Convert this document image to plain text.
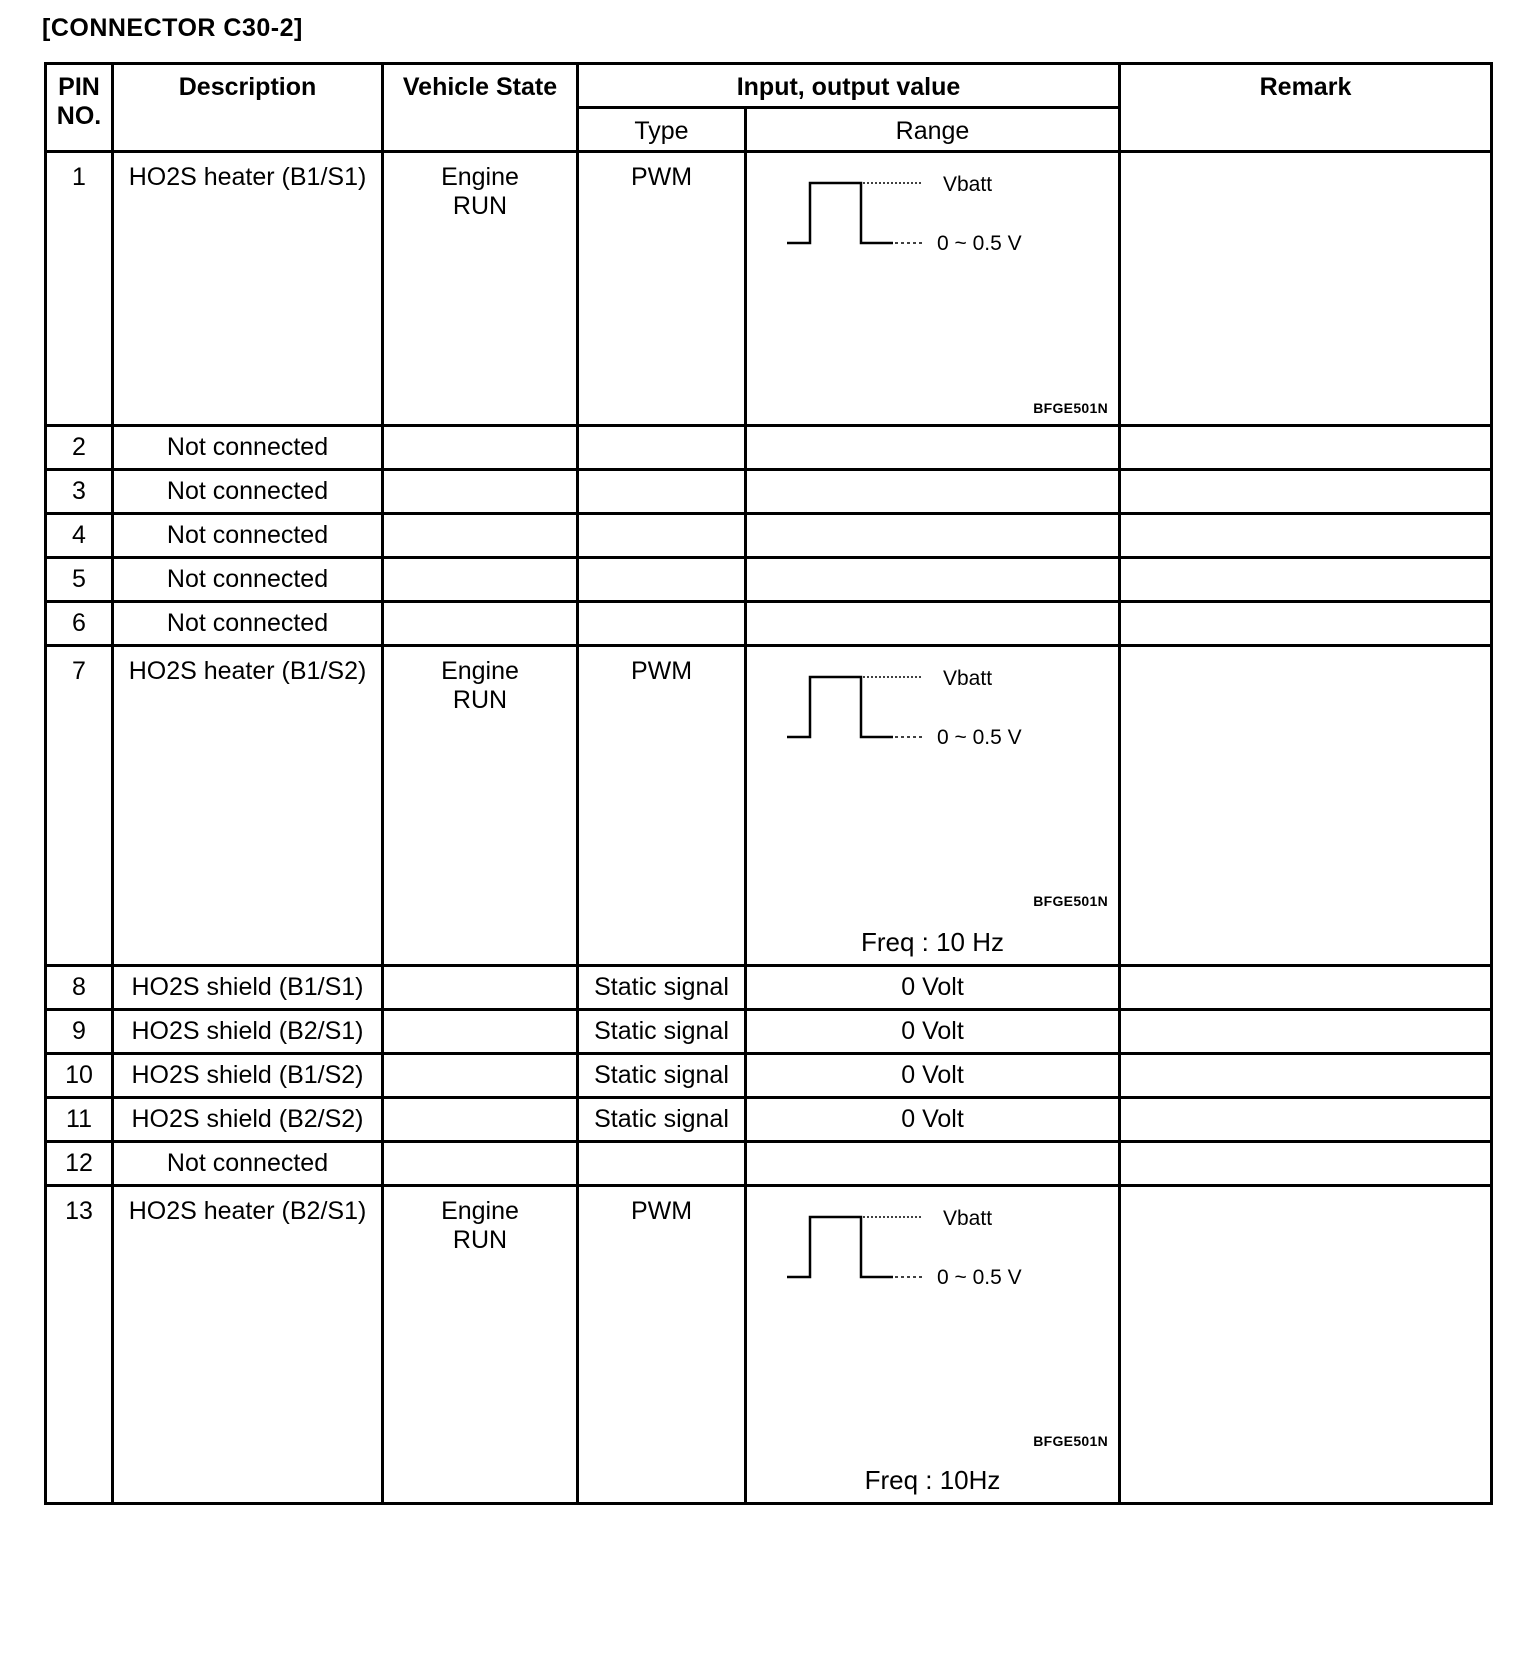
[CONNECTOR C30-2]
PIN NO.	Description	Vehicle State	Input, output value		Remark
			Type	Range	
1	HO2S heater (B1/S1)	Engine RUN	PWM	Vbatt
0 ~ 0.5 V
BFGE501N	

2	Not connected				
3	Not connected				
4	Not connected				
5	Not connected				
6	Not connected				
7	HO2S heater (B1/S2)	Engine RUN	PWM	Vbatt
0 ~ 0.5 V
BFGE501N
Freq : 10 Hz	

8	HO2S shield (B1/S1)		Static signal	0 Volt	
9	HO2S shield (B2/S1)		Static signal	0 Volt	
10	HO2S shield (B1/S2)		Static signal	0 Volt	
11	HO2S shield (B2/S2)		Static signal	0 Volt	
12	Not connected				
13	HO2S heater (B2/S1)	Engine RUN	PWM	Vbatt
0 ~ 0.5 V
BFGE501N
Freq : 10Hz	
